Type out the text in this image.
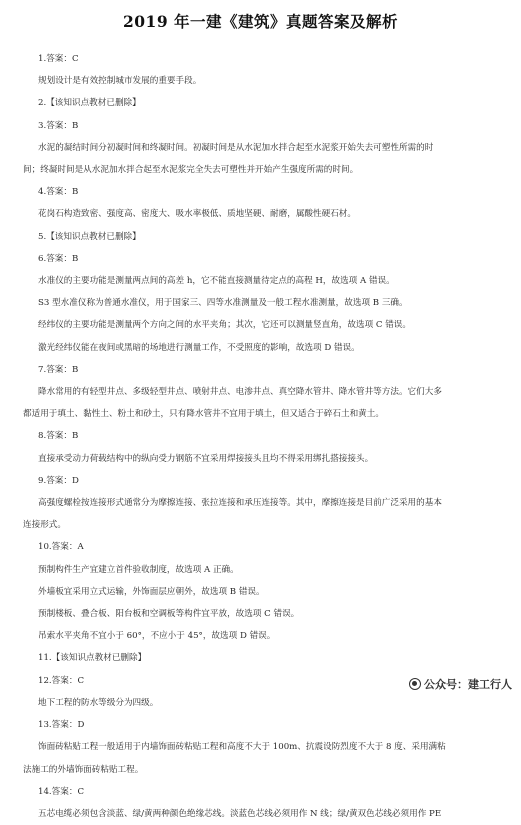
2019 年一建《建筑》真题答案及解析
1.答案：C
规划设计是有效控制城市发展的重要手段。
2.【该知识点教材已删除】
3.答案：B
水泥的凝结时间分初凝时间和终凝时间。初凝时间是从水泥加水拌合起至水泥浆开始失去可塑性所需的时
间；终凝时间是从水泥加水拌合起至水泥浆完全失去可塑性并开始产生强度所需的时间。
4.答案：B
花岗石构造致密、强度高、密度大、吸水率极低、质地坚硬、耐磨，属酸性硬石材。
5.【该知识点教材已删除】
6.答案：B
水准仪的主要功能是测量两点间的高差 h，它不能直接测量待定点的高程 H，故选项 A 错误。
S3 型水准仪称为普通水准仪，用于国家三、四等水准测量及一般工程水准测量，故选项 B 三确。
经纬仪的主要功能是测量两个方向之间的水平夹角；其次，它还可以测量竖直角，故选项 C 错误。
激光经纬仪能在夜间或黑暗的场地进行测量工作，不受照度的影响，故选项 D 错误。
7.答案：B
降水常用的有轻型井点、多级轻型井点、喷射井点、电渗井点、真空降水管井、降水管井等方法。它们大多
都适用于填土、黏性土、粉土和砂土，只有降水管井不宜用于填土，但又适合于碎石土和黄土。
8.答案：B
直接承受动力荷载结构中的纵向受力钢筋不宜采用焊接接头且均不得采用绑扎搭接接头。
9.答案：D
高强度螺栓按连接形式通常分为摩擦连接、张拉连接和承压连接等。其中，摩擦连接是目前广泛采用的基本
连接形式。
10.答案：A
预制构件生产宜建立首件验收制度，故选项 A 正确。
外墙板宜采用立式运输，外饰面层应朝外，故选项 B 错误。
预制楼板、叠合板、阳台板和空调板等构件宜平放，故选项 C 错误。
吊索水平夹角不宜小于 60°，不应小于 45°，故选项 D 错误。
11.【该知识点教材已删除】
12.答案：C
地下工程的防水等级分为四级。
13.答案：D
饰面砖粘贴工程一般适用于内墙饰面砖粘贴工程和高度不大于 100m、抗震设防烈度不大于 8 度、采用满粘
法施工的外墙饰面砖粘贴工程。
14.答案：C
五芯电缆必须包含淡蓝、绿/黄两种颜色绝缘芯线。淡蓝色芯线必须用作 N 线；绿/黄双色芯线必须用作 PE
公众号：建工行人
